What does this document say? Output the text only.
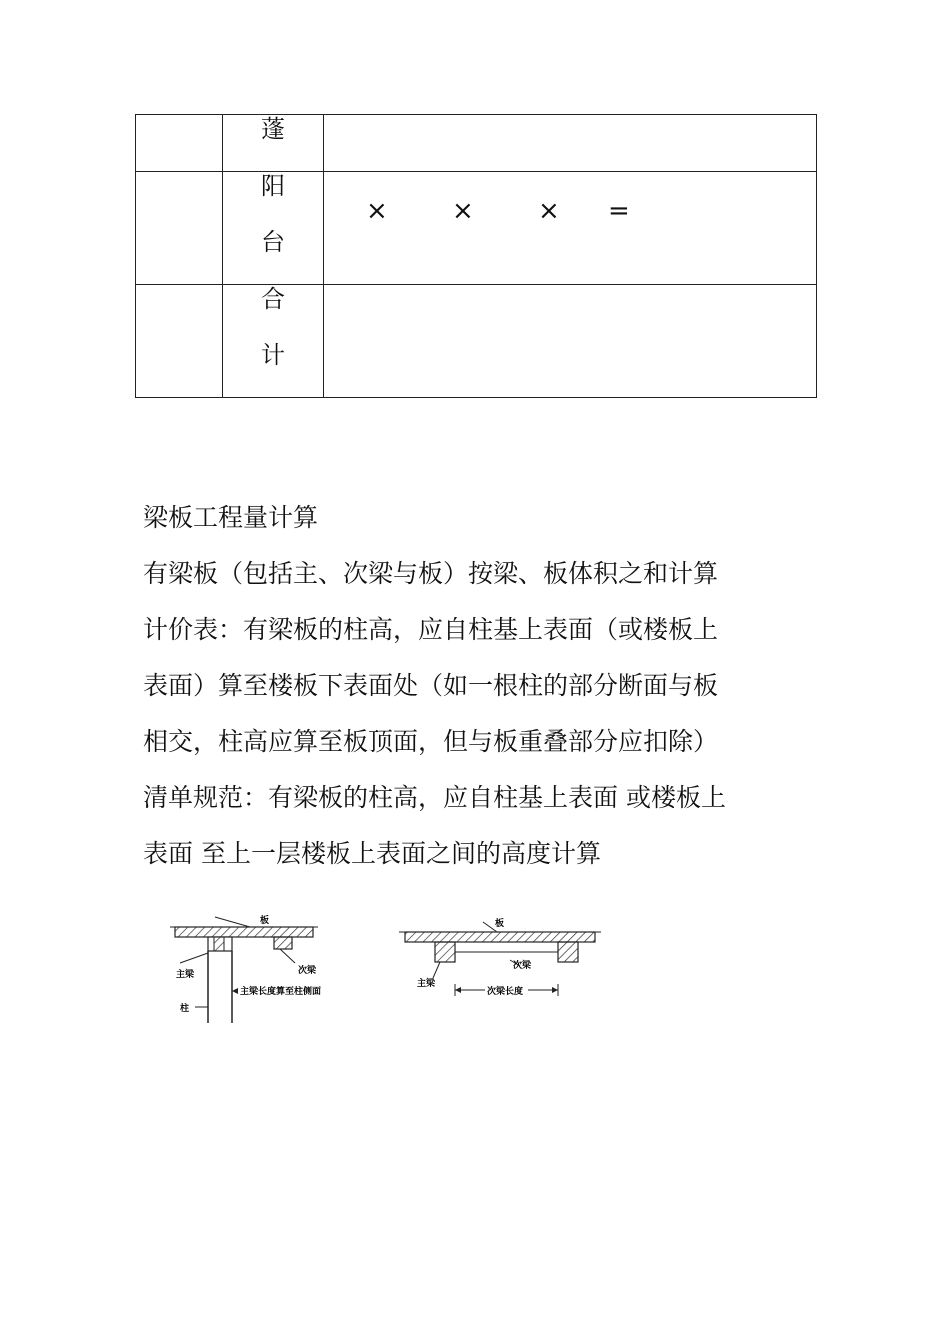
	蓬	

	阳
台	× × × =

	合
计	

梁板工程量计算
有梁板（包括主、次梁与板）按梁、板体积之和计算
计价表：有梁板的柱高，应自柱基上表面（或楼板上
表面）算至楼板下表面处（如一根柱的部分断面与板
相交，柱高应算至板顶面，但与板重叠部分应扣除）
清单规范：有梁板的柱高，应自柱基上表面 或楼板上
表面 至上一层楼板上表面之间的高度计算
板
主梁	次梁
柱
主梁长度算至柱侧面
板
主梁
次梁
次梁长度
